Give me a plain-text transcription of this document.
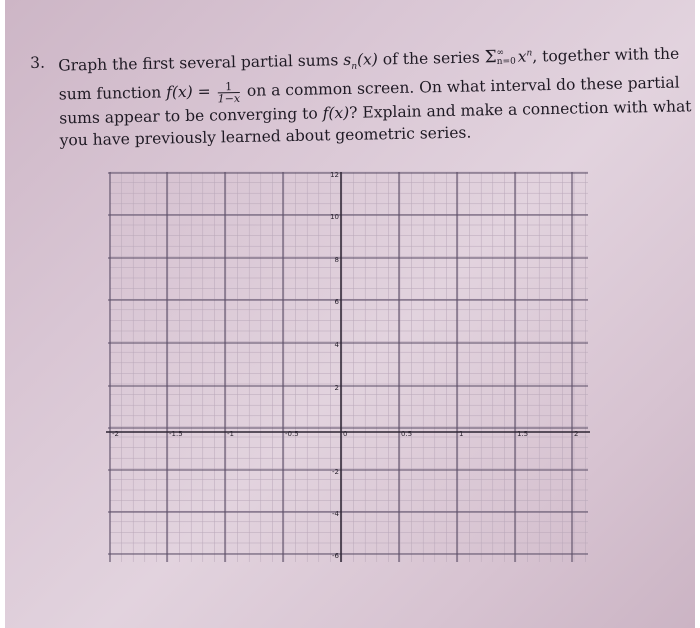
3. Graph the first several partial sums $s_n(x)$ of the series Σ ∞
n=0 $x^n$, together with the
sum function $f(x) = \frac{1}{1-x}$ on a common screen. On what interval do these partial
sums appear to be converging to f(x)? Explain and make a connection with what
you have previously learned about geometric series.
-2	-1.5	-1	-0.5	0	0.5	1	1.5	2
12
10
8
6
4
2
-2
-4
-6
